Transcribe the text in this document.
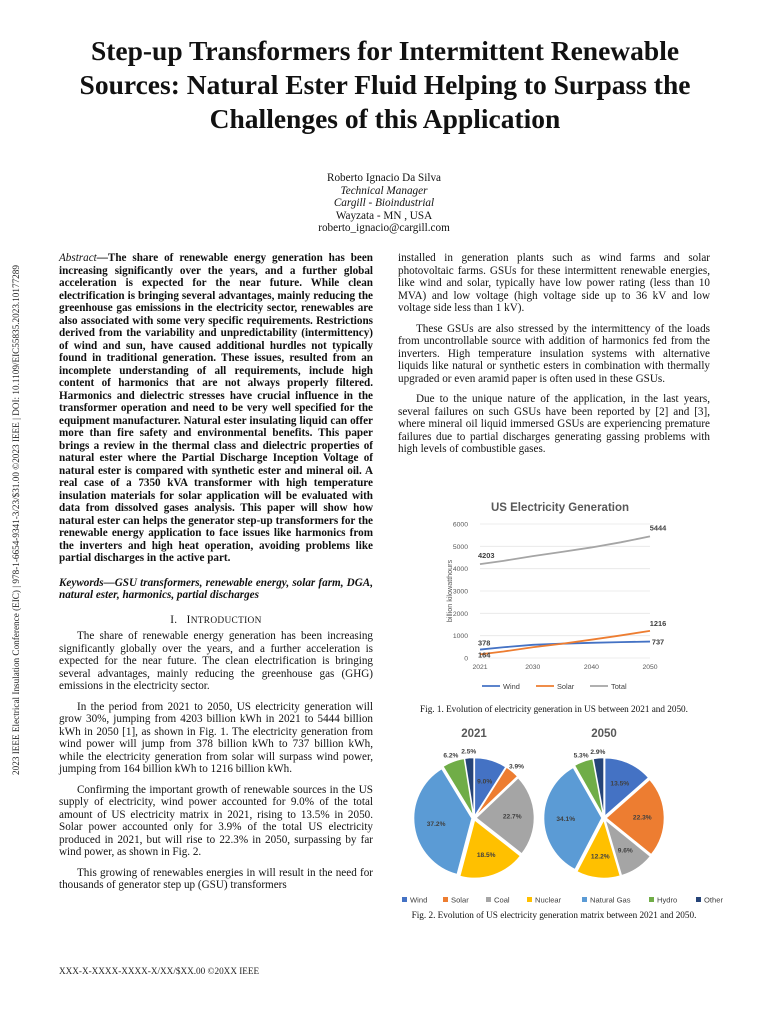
2023 IEEE Electrical Insulation Conference (EIC) | 978-1-6654-9341-3/23/$31.00 ©2023 IEEE | DOI: 10.1109/EIC55835.2023.10177289
Step-up Transformers for Intermittent Renewable Sources: Natural Ester Fluid Helping to Surpass the Challenges of this Application
Roberto Ignacio Da Silva
Technical Manager
Cargill - Bioindustrial
Wayzata - MN , USA
roberto_ignacio@cargill.com

Abstract—The share of renewable energy generation has been increasing significantly over the years, and a further global acceleration is expected for the near future. While clean electrification is bringing several advantages, mainly reducing the greenhouse gas emissions in the electricity sector, renewables are also associated with some very specific requirements. Restrictions derived from the variability and unpredictability (intermittency) of wind and sun, have caused additional hurdles not typically found in traditional generation. These issues, resulted from an incomplete understanding of all requirements, include high content of harmonics that are not always properly filtered. Harmonics and dielectric stresses have crucial influence in the transformer operation and need to be very well specified for the equipment manufacturer. Natural ester insulating liquid can offer more than fire safety and environmental benefits. This paper brings a review in the thermal class and dielectric properties of natural ester where the Partial Discharge Inception Voltage of natural ester is compared with synthetic ester and mineral oil. A real case of a 7350 kVA transformer with high temperature insulation materials for solar application will be evaluated with data from dissolved gases analysis. This paper will show how natural ester can helps the generator step-up transformers for the renewable energy application to face issues like harmonics from the inverters and high heat operation, avoiding problems like partial discharges in the active part.

Keywords—GSU transformers, renewable energy, solar farm, DGA, natural ester, harmonics, partial discharges

I. INTRODUCTION

The share of renewable energy generation has been increasing significantly globally over the years, and a further acceleration is expected for the near future. The clean electrification is bringing several advantages, mainly reducing the greenhouse gas (GHG) emissions in the electricity sector.

In the period from 2021 to 2050, US electricity generation will grow 30%, jumping from 4203 billion kWh in 2021 to 5444 billion kWh in 2050 [1], as shown in Fig. 1. The electricity generation from wind power will jump from 378 billion kWh to 737 billion kWh, while the electricity generation from solar will surpass wind power, jumping from 164 billion kWh to 1216 billion kWh.

Confirming the important growth of renewable sources in the US supply of electricity, wind power accounted for 9.0% of the total amount of US electricity matrix in 2021, rising to 13.5% in 2050. Solar power accounted only for 3.9% of the total US electricity produced in 2021, but will rise to 22.3% in 2050, surpassing by far wind power, as shown in Fig. 2.

This growing of renewables energies in will result in the need for thousands of generator step up (GSU) transformers

installed in generation plants such as wind farms and solar photovoltaic farms. GSUs for these intermittent renewable energies, like wind and solar, typically have low power rating (less than 10 MVA) and low voltage (high voltage side up to 36 kV and low voltage side less than 1 kV).

These GSUs are also stressed by the intermittency of the loads from uncontrollable source with addition of harmonics fed from the inverters. High temperature insulation systems with alternative liquids like natural or synthetic esters in combination with thermally upgraded or even aramid paper is often used in these GSUs.

Due to the unique nature of the application, in the last years, several failures on such GSUs have been reported by [2] and [3], where mineral oil liquid immersed GSUs are experiencing premature failures due to partial discharges generating gassing problems with high levels of combustible gases.

US Electricity Generation
0
1000
2000
3000
4000
5000
6000
2021	2030	2040	2050
billion kilowatthours
378	737
164
1216
4203
5444
Wind	Solar	Total
Fig. 1. Evolution of electricity generation in US between 2021 and 2050.
2021
9.0%
3.9%
22.7%
18.5%
37.2%
6.2%
2.5%
2050
13.5%
22.3%
9.6%
12.2%
34.1%
5.3%
2.9%
Wind	Solar	Coal	Nuclear	Natural Gas	Hydro	Other
Fig. 2. Evolution of US electricity generation matrix between 2021 and 2050.
XXX-X-XXXX-XXXX-X/XX/$XX.00 ©20XX IEEE
